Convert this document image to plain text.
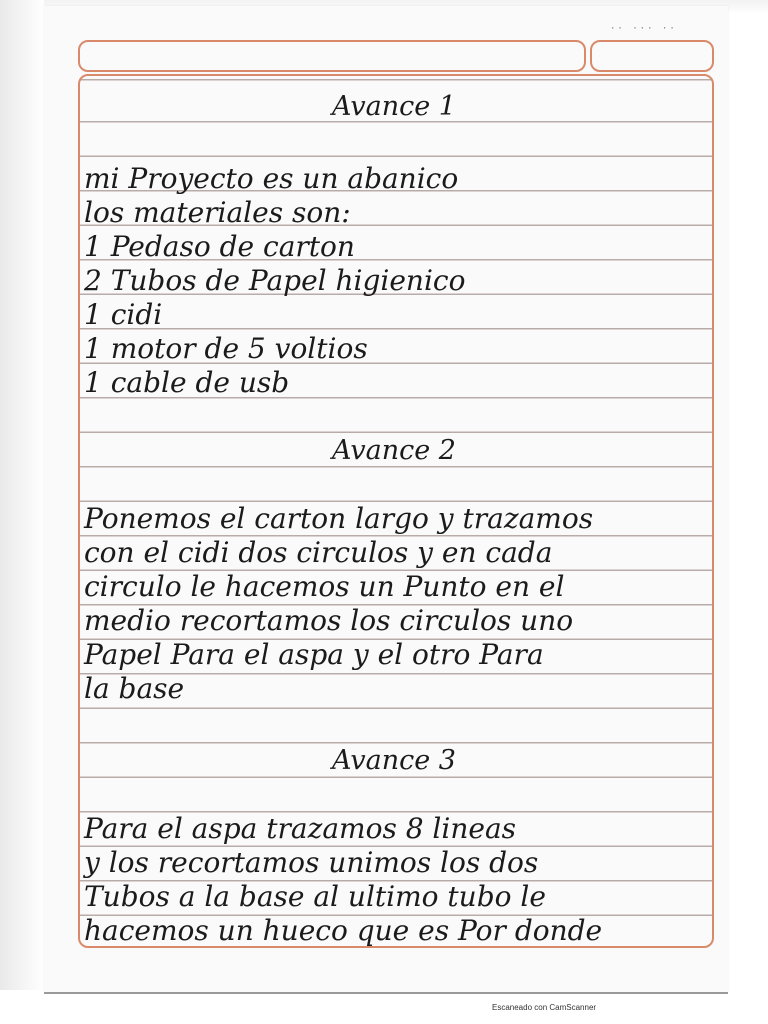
·· ··· ··
Avance 1
mi Proyecto es un abanico
los materiales son:
1 Pedaso de carton
2 Tubos de Papel higienico
1 cidi
1 motor de 5 voltios
1 cable de usb
Avance 2
Ponemos el carton largo y trazamos
con el cidi dos circulos y en cada
circulo le hacemos un Punto en el
medio recortamos los circulos uno
Papel Para el aspa y el otro Para
la base
Avance 3
Para el aspa trazamos 8 lineas
y los recortamos unimos los dos
Tubos a la base al ultimo tubo le
hacemos un hueco que es Por donde
Escaneado con CamScanner
